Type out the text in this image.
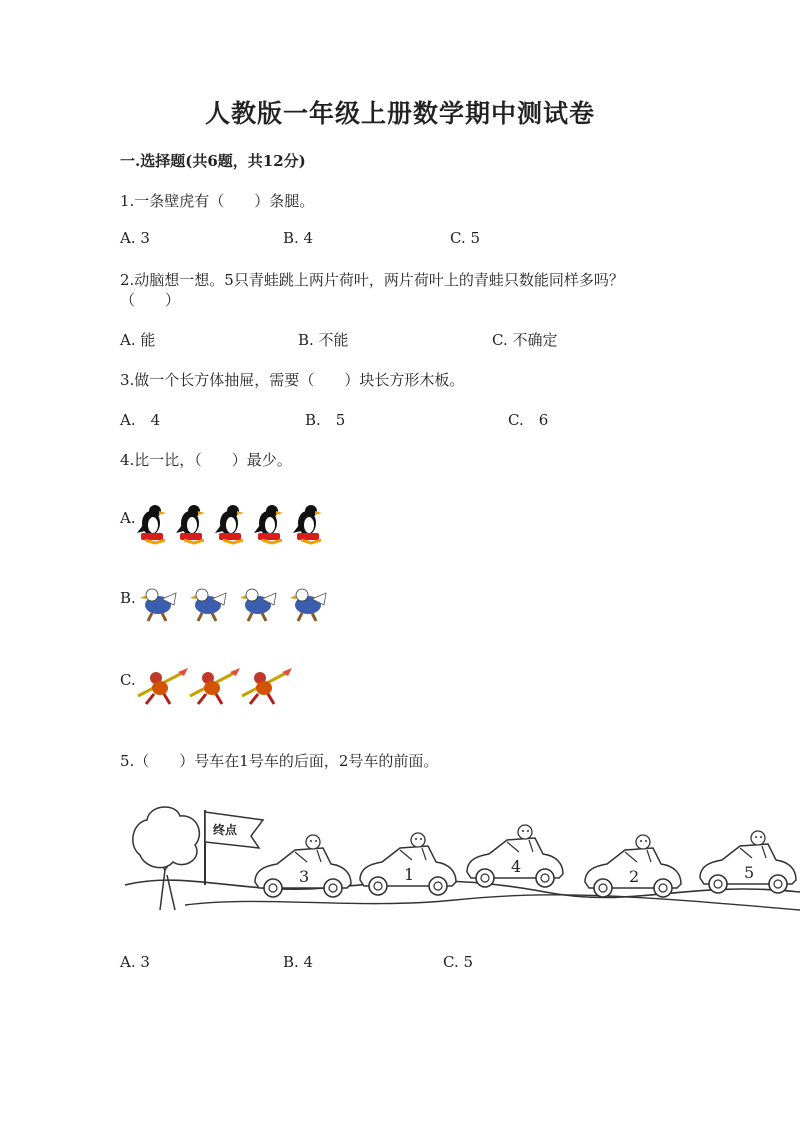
人教版一年级上册数学期中测试卷
一.选择题(共6题，共12分)
1.一条壁虎有（　　）条腿。
A. 3	B. 4	C. 5
2.动脑想一想。5只青蛙跳上两片荷叶，两片荷叶上的青蛙只数能同样多吗？
（　　）
A. 能	B. 不能	C. 不确定
3.做一个长方体抽屉，需要（　　）块长方形木板。
A.　4	B.　5	C.　6
4.比一比，（　　）最少。
A.
B.
C.
5.（　　）号车在1号车的后面，2号车的前面。
终点
3	1	4
2	5
A. 3	B. 4	C. 5
